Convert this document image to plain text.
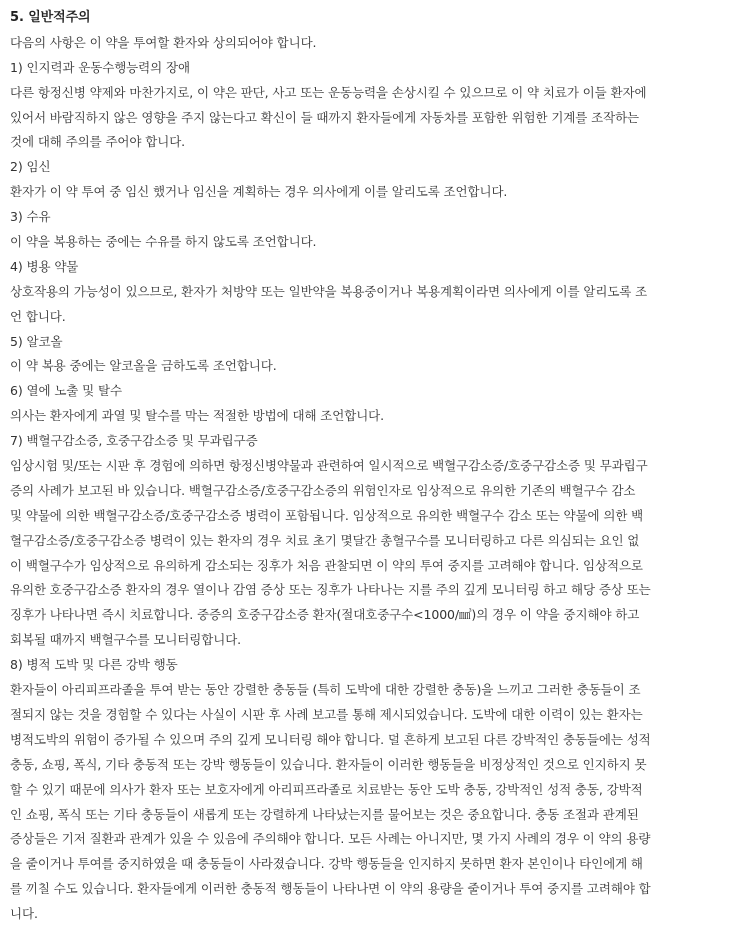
5. 일반적주의
다음의 사항은 이 약을 투여할 환자와 상의되어야 합니다.
1) 인지력과 운동수행능력의 장애
다른 항정신병 약제와 마찬가지로, 이 약은 판단, 사고 또는 운동능력을 손상시킬 수 있으므로 이 약 치료가 이들 환자에
있어서 바람직하지 않은 영향을 주지 않는다고 확신이 들 때까지 환자들에게 자동차를 포함한 위험한 기계를 조작하는
것에 대해 주의를 주어야 합니다.
2) 임신
환자가 이 약 투여 중 임신 했거나 임신을 계획하는 경우 의사에게 이를 알리도록 조언합니다.
3) 수유
이 약을 복용하는 중에는 수유를 하지 않도록 조언합니다.
4) 병용 약물
상호작용의 가능성이 있으므로, 환자가 처방약 또는 일반약을 복용중이거나 복용계획이라면 의사에게 이를 알리도록 조
언 합니다.
5) 알코올
이 약 복용 중에는 알코올을 금하도록 조언합니다.
6) 열에 노출 및 탈수
의사는 환자에게 과열 및 탈수를 막는 적절한 방법에 대해 조언합니다.
7) 백혈구감소증, 호중구감소증 및 무과립구증
임상시험 및/또는 시판 후 경험에 의하면 항정신병약물과 관련하여 일시적으로 백혈구감소증/호중구감소증 및 무과립구
증의 사례가 보고된 바 있습니다. 백혈구감소증/호중구감소증의 위험인자로 임상적으로 유의한 기존의 백혈구수 감소
및 약물에 의한 백혈구감소증/호중구감소증 병력이 포함됩니다. 임상적으로 유의한 백혈구수 감소 또는 약물에 의한 백
혈구감소증/호중구감소증 병력이 있는 환자의 경우 치료 초기 몇달간 총혈구수를 모니터링하고 다른 의심되는 요인 없
이 백혈구수가 임상적으로 유의하게 감소되는 징후가 처음 관찰되면 이 약의 투여 중지를 고려해야 합니다. 임상적으로
유의한 호중구감소증 환자의 경우 열이나 감염 증상 또는 징후가 나타나는 지를 주의 깊게 모니터링 하고 해당 증상 또는
징후가 나타나면 즉시 치료합니다. 중증의 호중구감소증 환자(절대호중구수<1000/㎣)의 경우 이 약을 중지해야 하고
회복될 때까지 백혈구수를 모니터링합니다.
8) 병적 도박 및 다른 강박 행동
환자들이 아리피프라졸을 투여 받는 동안 강렬한 충동들 (특히 도박에 대한 강렬한 충동)을 느끼고 그러한 충동들이 조
절되지 않는 것을 경험할 수 있다는 사실이 시판 후 사례 보고를 통해 제시되었습니다. 도박에 대한 이력이 있는 환자는
병적도박의 위험이 증가될 수 있으며 주의 깊게 모니터링 해야 합니다. 덜 흔하게 보고된 다른 강박적인 충동들에는 성적
충동, 쇼핑, 폭식, 기타 충동적 또는 강박 행동들이 있습니다. 환자들이 이러한 행동들을 비정상적인 것으로 인지하지 못
할 수 있기 때문에 의사가 환자 또는 보호자에게 아리피프라졸로 치료받는 동안 도박 충동, 강박적인 성적 충동, 강박적
인 쇼핑, 폭식 또는 기타 충동들이 새롭게 또는 강렬하게 나타났는지를 물어보는 것은 중요합니다. 충동 조절과 관계된
증상들은 기저 질환과 관계가 있을 수 있음에 주의해야 합니다. 모든 사례는 아니지만, 몇 가지 사례의 경우 이 약의 용량
을 줄이거나 투여를 중지하였을 때 충동들이 사라졌습니다. 강박 행동들을 인지하지 못하면 환자 본인이나 타인에게 해
를 끼칠 수도 있습니다. 환자들에게 이러한 충동적 행동들이 나타나면 이 약의 용량을 줄이거나 투여 중지를 고려해야 합
니다.
